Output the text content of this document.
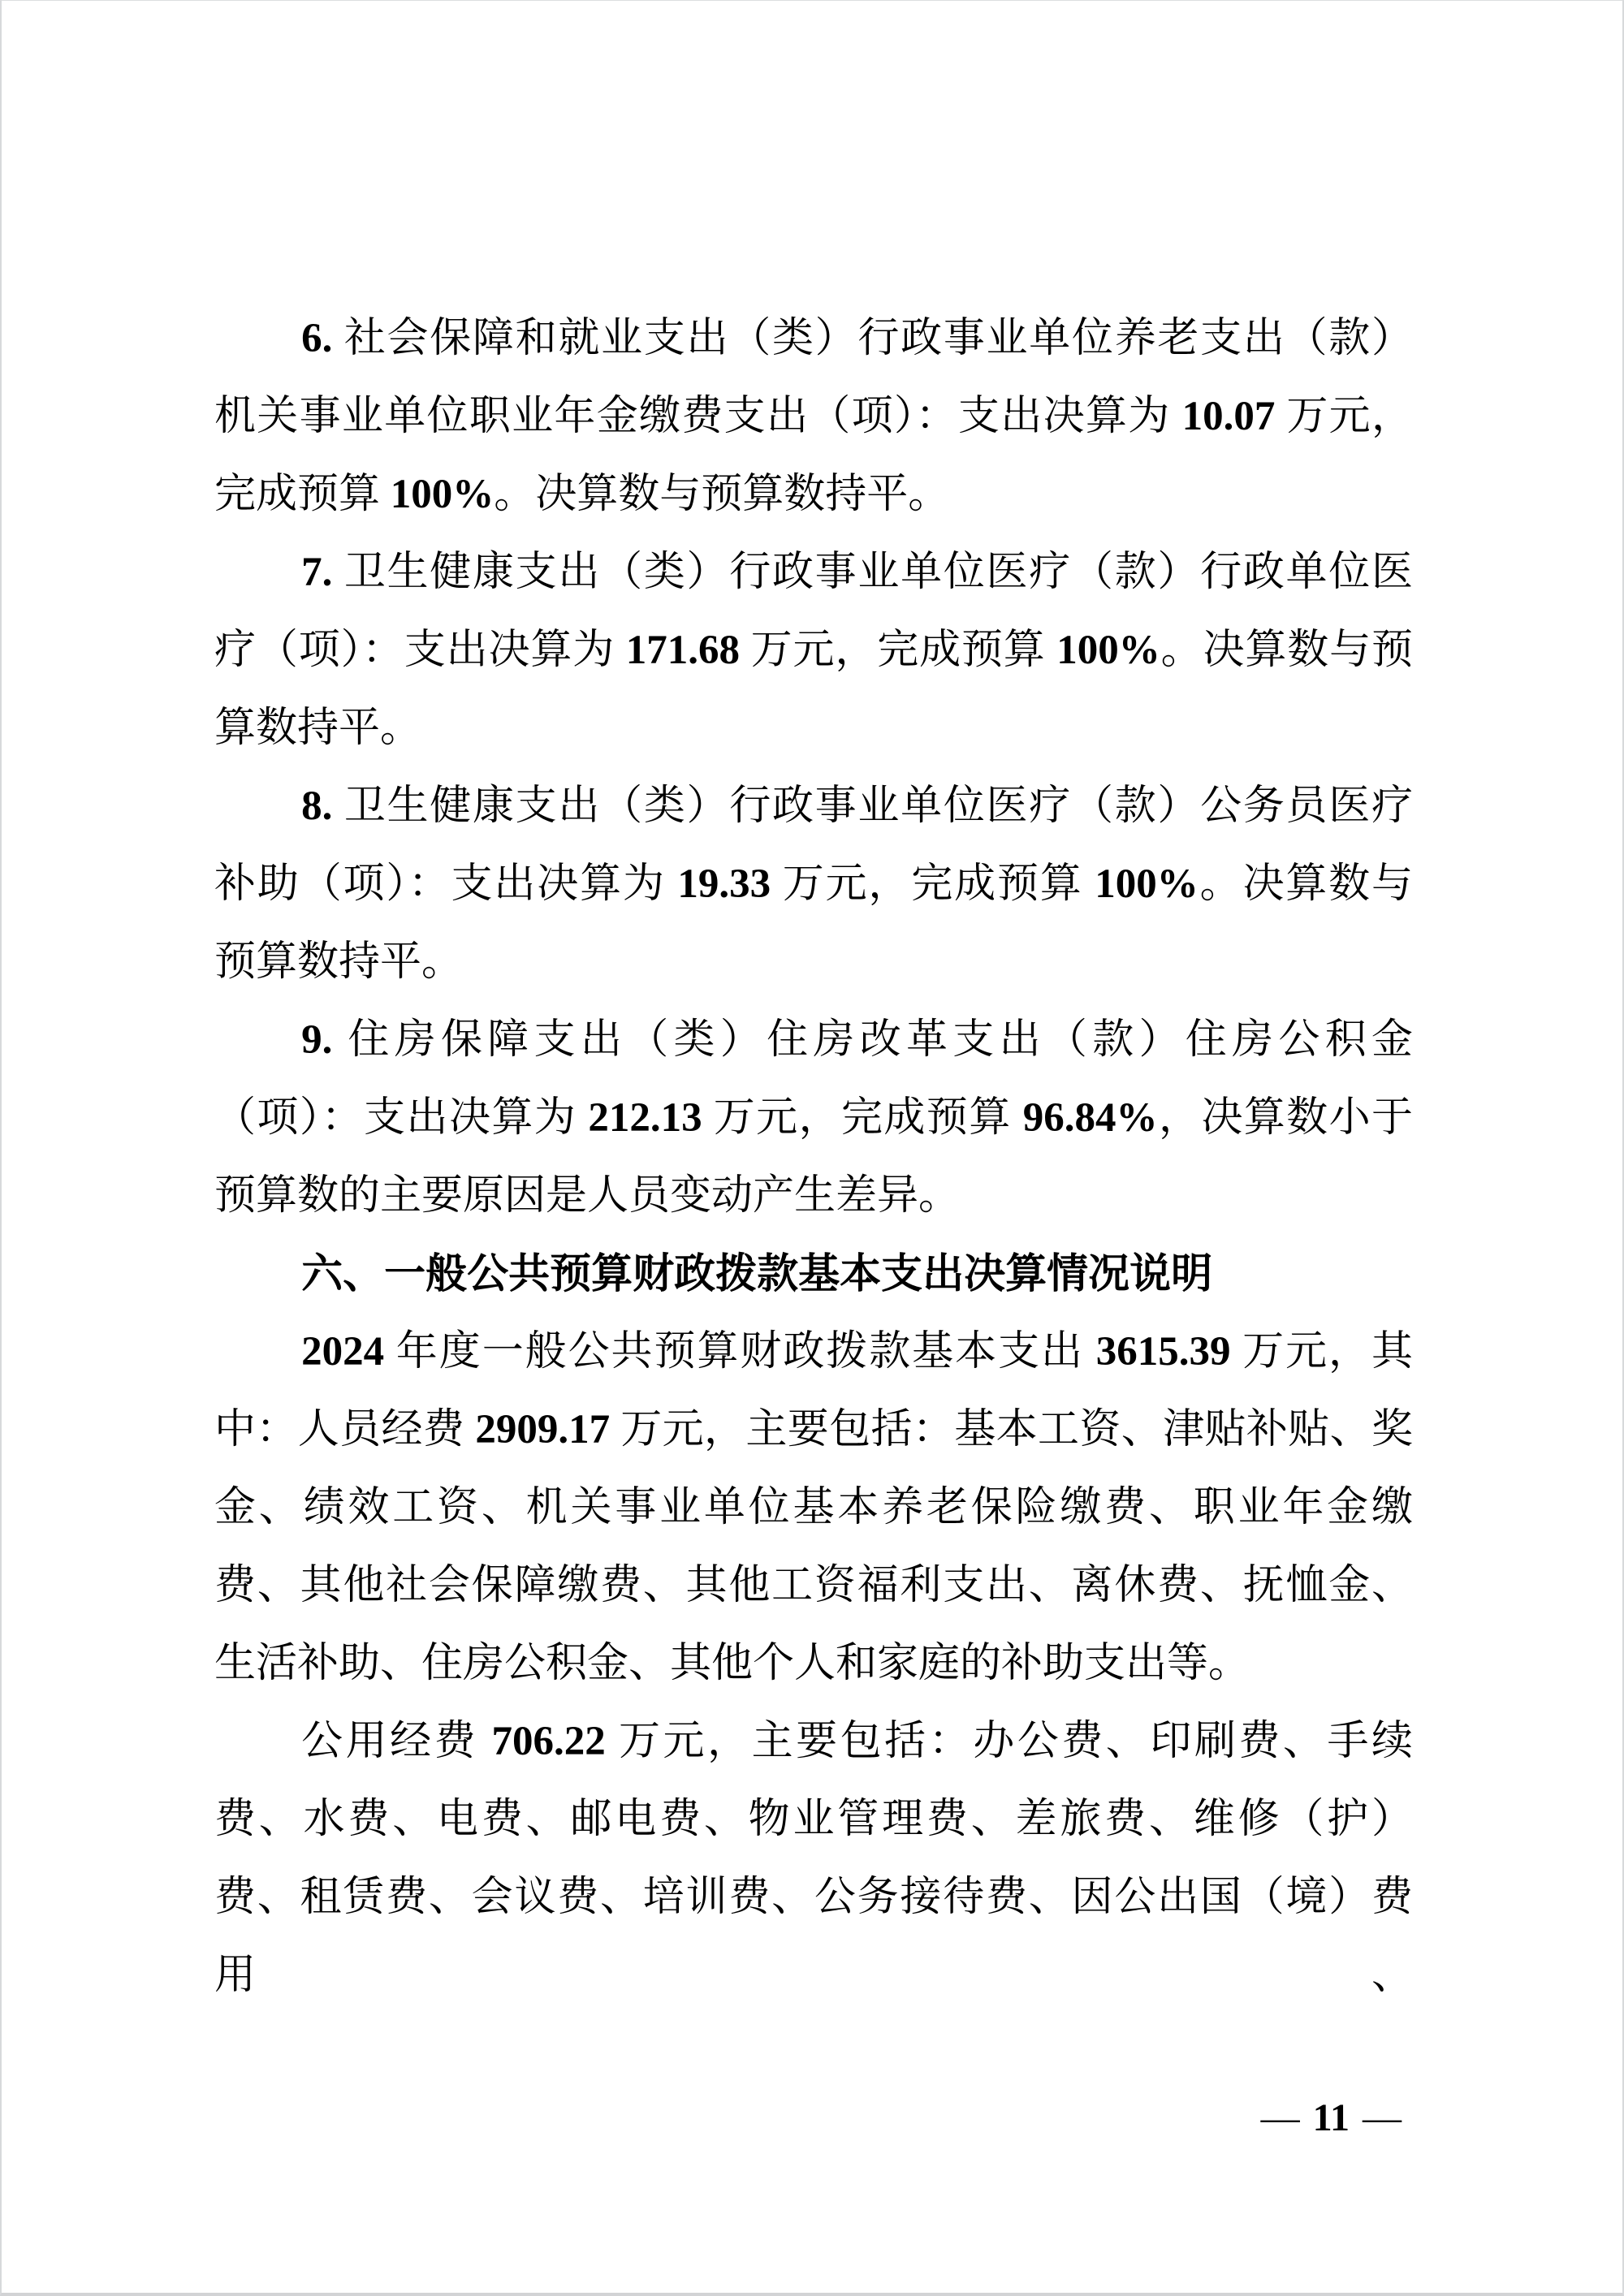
6. 社会保障和就业支出（类）行政事业单位养老支出（款）机关事业单位职业年金缴费支出（项）：支出决算为 10.07 万元，完成预算 100%。决算数与预算数持平。

7. 卫生健康支出（类）行政事业单位医疗（款）行政单位医疗（项）：支出决算为 171.68 万元，完成预算 100%。决算数与预算数持平。

8. 卫生健康支出（类）行政事业单位医疗（款）公务员医疗补助（项）：支出决算为 19.33 万元，完成预算 100%。决算数与预算数持平。

9. 住房保障支出（类）住房改革支出（款）住房公积金（项）：支出决算为 212.13 万元，完成预算 96.84%，决算数小于预算数的主要原因是人员变动产生差异。

六、一般公共预算财政拨款基本支出决算情况说明

2024 年度一般公共预算财政拨款基本支出 3615.39 万元，其中：人员经费 2909.17 万元，主要包括：基本工资、津贴补贴、奖金、绩效工资、机关事业单位基本养老保险缴费、职业年金缴费、其他社会保障缴费、其他工资福利支出、离休费、抚恤金、生活补助、住房公积金、其他个人和家庭的补助支出等。

公用经费 706.22 万元，主要包括：办公费、印刷费、手续费、水费、电费、邮电费、物业管理费、差旅费、维修（护）费、租赁费、会议费、培训费、公务接待费、因公出国（境）费用、

— 11 —
